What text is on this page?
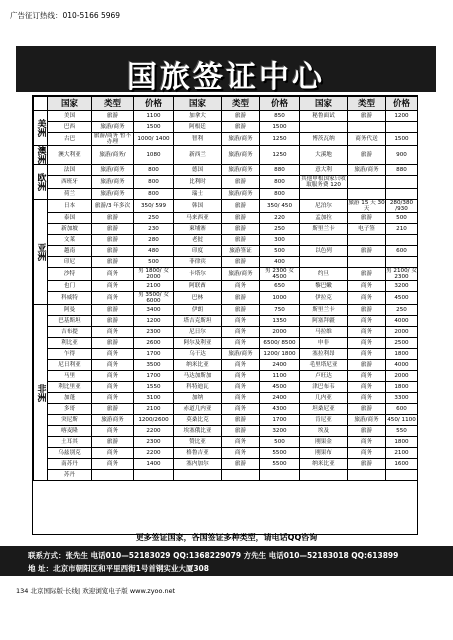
广告征订热线：010-5166 5969
国旅签证中心
	国家	类型	价格	国家	类型	价格	国家	类型	价格
美洲	美国	旅游	1100	加拿大	旅游	850	秘鲁面试	旅游	1200
	巴西	旅游/商务	1500	阿根廷	旅游	1500			
	古巴	旅游/商务 暂不办理	1000/ 1400	智利	旅游/商务	1250	博茨瓦纳	商务代送	1500
澳洲	澳大利亚	旅游/商务/	1080	新西兰	旅游/商务	1250	大溪地	旅游	900
欧洲	法国	旅游/商务	800	德国	旅游/商务	880	意大利	旅游/商务	880
	西班牙	旅游/商务	800	比利时	旅游	800	其他申根国家只收取服务费 120		
	荷兰	旅游/商务	800	瑞士	旅游/商务	800			
亚洲	日本	旅游/3 年多次	350/ 599	韩国	旅游	350/ 450	尼泊尔	旅游 15 天 30 天	280/380 /930
	泰国	旅游	250	马来西亚	旅游	220	孟加拉	旅游	500
	新加坡	旅游	230	柬埔寨	旅游	250	斯里兰卡	电子签	210
	文莱	旅游	280	老挝	旅游	300			
	越南	旅游	480	印度	旅游签证	500	以色列	旅游	600
	印尼	旅游	500	菲律宾	旅游	400			
	沙特	商务	男 1800/ 女 2000	卡塔尔	旅游/商务	男 2300 女 4500	约旦	旅游	男 2100/ 女 2300
	也门	商务	2100	阿联酋	商务	650	黎巴嫩	商务	3200
	科威特	商务	男 3500/ 女 6000	巴林	旅游	1000	伊拉克	商务	4500
非洲	阿曼	旅游	3400	伊朗	旅游	750	斯里兰卡	旅游	250
	巴基斯坦	旅游	1200	塔吉克斯坦	商务	1350	阿塞拜疆	商务	4000
	吉布提	商务	2300	尼日尔	商务	2000	马拉维	商务	2000
	利比亚	旅游	2600	阿尔及利亚	商务	6500/ 8500	申非	商务	2500
	乍得	商务	1700	乌干达	旅游/商务	1200/ 1800	塞拉利昂	商务	1800
	尼日利亚	商务	3500	纳米比亚	商务	2400	毛里塔尼亚	旅游	4000
	马里	商务	1700	马达加斯加	商务	1100	卢旺达	商务	2000
	利比里亚	商务	1550	科特迪瓦	商务	4500	津巴布韦	商务	1800
	加蓬	商务	3100	加纳	商务	2400	几内亚	商务	3300
	多哥	旅游	2100	赤道几内亚	商务	4300	坦桑尼亚	旅游	600
	突尼斯	旅游商务	1200/2600	莫桑比克	旅游	1700	肯尼亚	旅游/商务	450/ 1100
	喀麦隆	商务	2200	埃塞俄比亚	旅游	3200	埃及	旅游	550
	土耳其	旅游	2300	赞比亚	商务	500	刚果金	商务	1800
	乌兹别克	商务	2200	格鲁吉亚	商务	5500	刚果布	商务	2100
	南苏丹	商务	1400	塞内加尔	旅游	5500	纳米比亚	旅游	1600
	苏丹								
更多签证国家，各国签证多种类型，请电话QQ咨询
联系方式：张先生 电话010—52183029 QQ:1368229079 方先生 电话010—52183018 QQ:613899
地 址：北京市朝阳区和平里西街1号首钢实业大厦308
134 北京国际版·长线| 欢迎浏览电子版 www.zyoo.net
